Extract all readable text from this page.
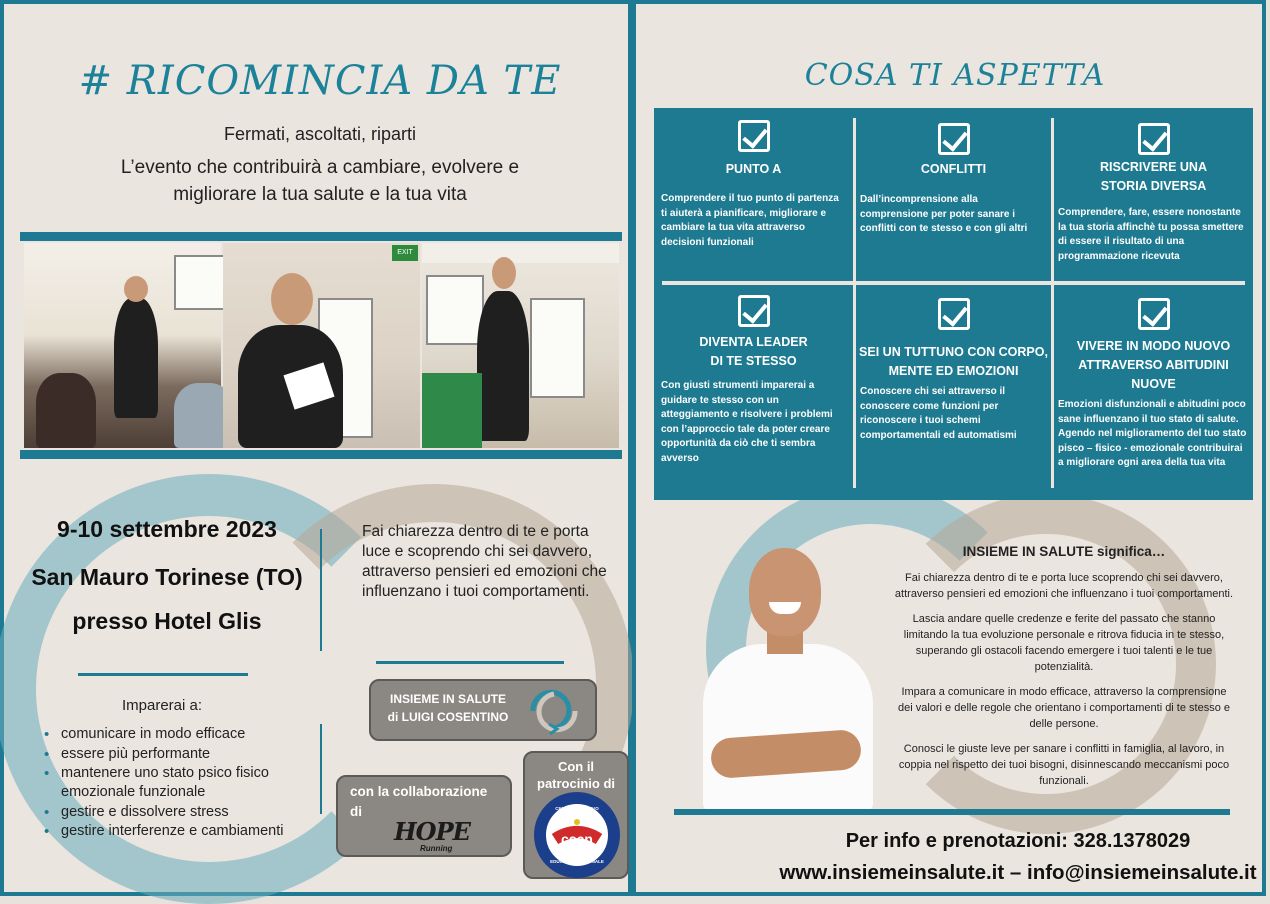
# RICOMINCIA DA TE
Fermati, ascoltati, riparti
L’evento che contribuirà a cambiare, evolvere e
migliorare la tua salute e la tua vita
EXIT
9-10 settembre 2023
San Mauro Torinese (TO)
presso Hotel Glis
Fai chiarezza dentro di te e porta luce e scoprendo chi sei davvero, attraverso pensieri ed emozioni che influenzano i tuoi comportamenti.
Imparerai a:
• comunicare in modo efficace
• essere più performante
• mantenere uno stato psico fisico emozionale funzionale
• gestire e dissolvere stress
• gestire interferenze e cambiamenti
INSIEME IN SALUTE
di LUIGI COSENTINO
con la collaborazione
di
HOPE
Running
Con il
patrocinio di
csen
CENTRO SPORTIVO
EDUCATIVO NAZIONALE
COSA TI ASPETTA
PUNTO A
Comprendere il tuo punto di partenza ti aiuterà a pianificare, migliorare e cambiare la tua vita attraverso decisioni funzionali
CONFLITTI
Dall’incomprensione alla comprensione per poter sanare i conflitti con te stesso e con gli altri
RISCRIVERE UNA STORIA DIVERSA
Comprendere, fare, essere nonostante la tua storia affinchè tu possa smettere di essere il risultato di una programmazione ricevuta
DIVENTA LEADER DI TE STESSO
Con giusti strumenti imparerai a guidare te stesso con un atteggiamento e risolvere i problemi con l’approccio tale da poter creare opportunità da ciò che ti sembra avverso
SEI UN TUTTUNO CON CORPO, MENTE ED EMOZIONI
Conoscere chi sei attraverso il conoscere come funzioni per riconoscere i tuoi schemi comportamentali ed automatismi
VIVERE IN MODO NUOVO ATTRAVERSO ABITUDINI NUOVE
Emozioni disfunzionali e abitudini poco sane influenzano il tuo stato di salute. Agendo nel miglioramento del tuo stato pisco – fisico - emozionale contribuirai a migliorare ogni area della tua vita
INSIEME IN SALUTE significa…

Fai chiarezza dentro di te e porta luce scoprendo chi sei davvero, attraverso pensieri ed emozioni che influenzano i tuoi comportamenti.

Lascia andare quelle credenze e ferite del passato che stanno limitando la tua evoluzione personale e ritrova fiducia in te stesso, superando gli ostacoli facendo emergere i tuoi talenti e le tue potenzialità.

Impara a comunicare in modo efficace, attraverso la comprensione dei valori e delle regole che orientano i comportamenti di te stesso e delle persone.

Conosci le giuste leve per sanare i conflitti in famiglia, al lavoro, in coppia nel rispetto dei tuoi bisogni, disinnescando meccanismi poco funzionali.

Per info e prenotazioni: 328.1378029
www.insiemeinsalute.it – info@insiemeinsalute.it
